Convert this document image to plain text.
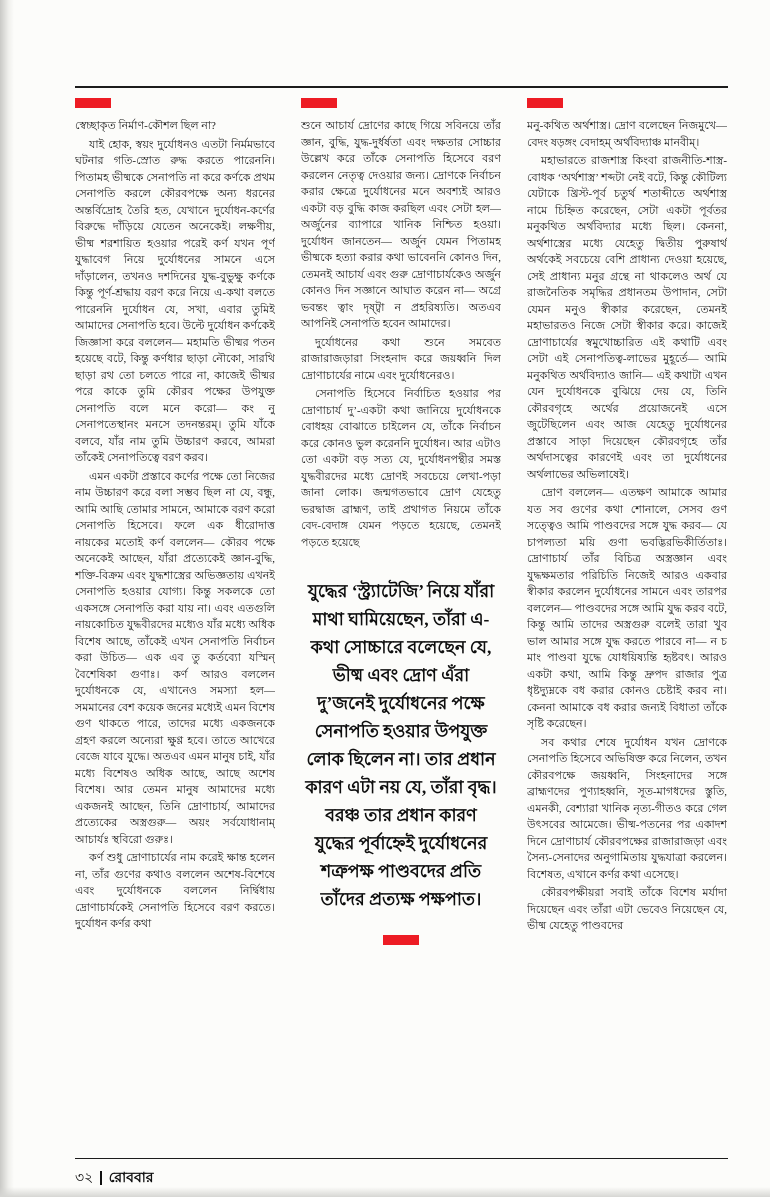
স্বেচ্ছাকৃত নির্মাণ-কৌশল ছিল না?

যাই হোক, স্বয়ং দুর্যোধনও এতটা নির্মমভাবে ঘটনার গতি-স্রোত রুদ্ধ করতে পারেননি। পিতামহ ভীষ্মকে সেনাপতি না করে কর্ণকে প্রথম সেনাপতি করলে কৌরবপক্ষে অন্য ধরনের অন্তর্বিদ্রোহ তৈরি হত, যেখানে দুর্যোধন-কর্ণের বিরুদ্ধে দাঁড়িয়ে যেতেন অনেকেই। লক্ষণীয়, ভীষ্ম শরশায়িত হওয়ার পরেই কর্ণ যখন পূর্ণ যুদ্ধাবেগ নিয়ে দুর্যোধনের সামনে এসে দাঁড়ালেন, তখনও দশদিনের যুদ্ধ-বুভুক্ষু কর্ণকে কিন্তু পূর্ণ-শ্রদ্ধায় বরণ করে নিয়ে এ-কথা বলতে পারেননি দুর্যোধন যে, সখা, এবার তুমিই আমাদের সেনাপতি হবে। উল্টে দুর্যোধন কর্ণকেই জিজ্ঞাসা করে বললেন— মহামতি ভীষ্মর পতন হয়েছে বটে, কিন্তু কর্ণধার ছাড়া নৌকো, সারথি ছাড়া রথ তো চলতে পারে না, কাজেই ভীষ্মর পরে কাকে তুমি কৌরব পক্ষের উপযুক্ত সেনাপতি বলে মনে করো— কং নু সেনাপতেস্থানং মনসে তদনন্তরম্। তুমি যাঁকে বলবে, যাঁর নাম তুমি উচ্চারণ করবে, আমরা তাঁকেই সেনাপতিত্বে বরণ করব।

এমন একটা প্রস্তাবে কর্ণের পক্ষে তো নিজের নাম উচ্চারণ করে বলা সম্ভব ছিল না যে, বন্ধু, আমি আছি তোমার সামনে, আমাকে বরণ করো সেনাপতি হিসেবে। ফলে এক ধীরোদাত্ত নায়কের মতোই কর্ণ বললেন— কৌরব পক্ষে অনেকেই আছেন, যাঁরা প্রত্যেকেই জ্ঞান-বুদ্ধি, শক্তি-বিক্রম এবং যুদ্ধশাস্ত্রের অভিজ্ঞতায় এখনই সেনাপতি হওয়ার যোগ্য। কিন্তু সকলকে তো একসঙ্গে সেনাপতি করা যায় না। এবং এতগুলি নায়কোচিত যুদ্ধবীরদের মধ্যেও যাঁর মধ্যে অধিক বিশেষ আছে, তাঁকেই এখন সেনাপতি নির্বাচন করা উচিত— এক এব তু কর্তব্যো যস্মিন্ বৈশেষিকা গুণাঃ। কর্ণ আরও বললেন দুর্যোধনকে যে, এখানেও সমস্যা হল— সমমানের বেশ কয়েক জনের মধ্যেই এমন বিশেষ গুণ থাকতে পারে, তাদের মধ্যে একজনকে গ্রহণ করলে অন্যেরা ক্ষুণ্ণ হবে। তাতে আখেরে বেজে যাবে যুদ্ধে। অতএব এমন মানুষ চাই, যাঁর মধ্যে বিশেষও অধিক আছে, আছে অশেষ বিশেষ। আর তেমন মানুষ আমাদের মধ্যে একজনই আছেন, তিনি দ্রোণাচার্য, আমাদের প্রত্যেকের অস্ত্রগুরু— অয়ং সর্বযোধানাম্ আচার্যঃ স্থবিরো গুরুঃ।

কর্ণ শুধু দ্রোণাচার্যের নাম করেই ক্ষান্ত হলেন না, তাঁর গুণের কথাও বললেন অশেষ-বিশেষে এবং দুর্যোধনকে বললেন নির্দ্বিধায় দ্রোণাচার্যকেই সেনাপতি হিসেবে বরণ করতে। দুর্যোধন কর্ণর কথা

শুনে আচার্য দ্রোণের কাছে গিয়ে সবিনয়ে তাঁর জ্ঞান, বুদ্ধি, যুদ্ধ-দুর্ধর্ষতা এবং দক্ষতার সোচ্চার উল্লেখ করে তাঁকে সেনাপতি হিসেবে বরণ করলেন নেতৃত্ব দেওয়ার জন্য। দ্রোণকে নির্বাচন করার ক্ষেত্রে দুর্যোধনের মনে অবশ্যই আরও একটা বড় বুদ্ধি কাজ করছিল এবং সেটা হল— অর্জুনের ব্যাপারে খানিক নিশ্চিত হওয়া। দুর্যোধন জানতেন— অর্জুন যেমন পিতামহ ভীষ্মকে হত্যা করার কথা ভাবেননি কোনও দিন, তেমনই আচার্য এবং গুরু দ্রোণাচার্যকেও অর্জুন কোনও দিন সজ্ঞানে আঘাত করেন না— অগ্রে ভবন্তং ত্বাং দৃষ্ট্বা ন প্রহরিষ্যতি। অতএব আপনিই সেনাপতি হবেন আমাদের।

দুর্যোধনের কথা শুনে সমবেত রাজারাজড়ারা সিংহনাদ করে জয়ধ্বনি দিল দ্রোণাচার্যের নামে এবং দুর্যোধনেরও।

সেনাপতি হিসেবে নির্বাচিত হওয়ার পর দ্রোণাচার্য দু’-একটা কথা জানিয়ে দুর্যোধনকে বোধহয় বোঝাতে চাইলেন যে, তাঁকে নির্বাচন করে কোনও ভুল করেননি দুর্যোধন। আর এটাও তো একটা বড় সত্য যে, দুর্যোধনপন্থীর সমস্ত যুদ্ধবীরদের মধ্যে দ্রোণই সবচেয়ে লেখা-পড়া জানা লোক। জন্মগতভাবে দ্রোণ যেহেতু ভরদ্বাজ ব্রাহ্মণ, তাই প্রথাগত নিয়মে তাঁকে বেদ-বেদাঙ্গ যেমন পড়তে হয়েছে, তেমনই পড়তে হয়েছে

যুদ্ধের ‘স্ট্র্যাটেজি’ নিয়ে যাঁরা মাথা ঘামিয়েছেন, তাঁরা এ-কথা সোচ্চারে বলেছেন যে, ভীষ্ম এবং দ্রোণ এঁরা দু’জনেই দুর্যোধনের পক্ষে সেনাপতি হওয়ার উপযুক্ত লোক ছিলেন না। তার প্রধান কারণ এটা নয় যে, তাঁরা বৃদ্ধ। বরঞ্চ তার প্রধান কারণ যুদ্ধের পূর্বাহ্নেই দুর্যোধনের শত্রুপক্ষ পাণ্ডবদের প্রতি তাঁদের প্রত্যক্ষ পক্ষপাত।

মনু-কথিত অর্থশাস্ত্র। দ্রোণ বলেছেন নিজমুখে— বেদং ষড়ঙ্গং বেদাহম্ অর্থবিদ্যাঞ্চ মানবীম্।

মহাভারতে রাজশাস্ত্র কিংবা রাজনীতি-শাস্ত্র-বোধক ‘অর্থশাস্ত্র’ শব্দটা নেই বটে, কিন্তু কৌটিল্য যেটাকে খ্রিস্ট-পূর্ব চতুর্থ শতাব্দীতে অর্থশাস্ত্র নামে চিহ্নিত করেছেন, সেটা একটা পূর্বতর মনুকথিত অর্থবিদ্যার মধ্যে ছিল। কেননা, অর্থশাস্ত্রের মধ্যে যেহেতু দ্বিতীয় পুরুষার্থ অর্থকেই সবচেয়ে বেশি প্রাধান্য দেওয়া হয়েছে, সেই প্রাধান্য মনুর গ্রন্থে না থাকলেও অর্থ যে রাজনৈতিক সমৃদ্ধির প্রধানতম উপাদান, সেটা যেমন মনুও স্বীকার করেছেন, তেমনই মহাভারতও নিজে সেটা স্বীকার করে। কাজেই দ্রোণাচার্যের স্বমুখোচ্চারিত এই কথাটি এবং সেটা এই সেনাপতিত্ব-লাভের মুহূর্তে— আমি মনুকথিত অর্থবিদ্যাও জানি— এই কথাটা এখন যেন দুর্যোধনকে বুঝিয়ে দেয় যে, তিনি কৌরবগৃহে অর্থের প্রয়োজনেই এসে জুটেছিলেন এবং আজ যেহেতু দুর্যোধনের প্রস্তাবে সাড়া দিয়েছেন কৌরবগৃহে তাঁর অর্থদাসত্বের কারণেই এবং তা দুর্যোধনের অর্থলাভের অভিলাষেই।

দ্রোণ বললেন— এতক্ষণ আমাকে আমার যত সব গুণের কথা শোনালে, সেসব গুণ সত্ত্বেও আমি পাণ্ডবদের সঙ্গে যুদ্ধ করব— যে চাপল্যতা ময়ি গুণা ভবদ্ভিরভিকীর্তিতাঃ। দ্রোণাচার্য তাঁর বিচিত্র অস্ত্রজ্ঞান এবং যুদ্ধক্ষমতার পরিচিতি নিজেই আরও একবার স্বীকার করলেন দুর্যোধনের সামনে এবং তারপর বললেন— পাণ্ডবদের সঙ্গে আমি যুদ্ধ করব বটে, কিন্তু আমি তাদের অস্ত্রগুরু বলেই তারা খুব ভাল আমার সঙ্গে যুদ্ধ করতে পারবে না— ন চ মাং পাণ্ডবা যুদ্ধে যোধয়িষ্যন্তি হৃষ্টবৎ। আরও একটা কথা, আমি কিন্তু দ্রুপদ রাজার পুত্র ধৃষ্টদ্যুম্নকে বধ করার কোনও চেষ্টাই করব না। কেননা আমাকে বধ করার জন্যই বিধাতা তাঁকে সৃষ্টি করেছেন।

সব কথার শেষে দুর্যোধন যখন দ্রোণকে সেনাপতি হিসেবে অভিষিক্ত করে নিলেন, তখন কৌরবপক্ষে জয়ধ্বনি, সিংহনাদের সঙ্গে ব্রাহ্মণদের পুণ্যাহধ্বনি, সূত-মাগধদের স্তুতি, এমনকী, বেশ্যারা খানিক নৃত্য-গীতও করে গেল উৎসবের আমেজে। ভীষ্ম-পতনের পর একাদশ দিনে দ্রোণাচার্য কৌরবপক্ষের রাজারাজড়া এবং সৈন্য-সেনাদের অনুগামিতায় যুদ্ধযাত্রা করলেন। বিশেষত, এখানে কর্ণর কথা এসেছে।

কৌরবপক্ষীয়রা সবাই তাঁকে বিশেষ মর্যাদা দিয়েছেন এবং তাঁরা এটা ভেবেও নিয়েছেন যে, ভীষ্ম যেহেতু পাণ্ডবদের

৩২ রোববার
